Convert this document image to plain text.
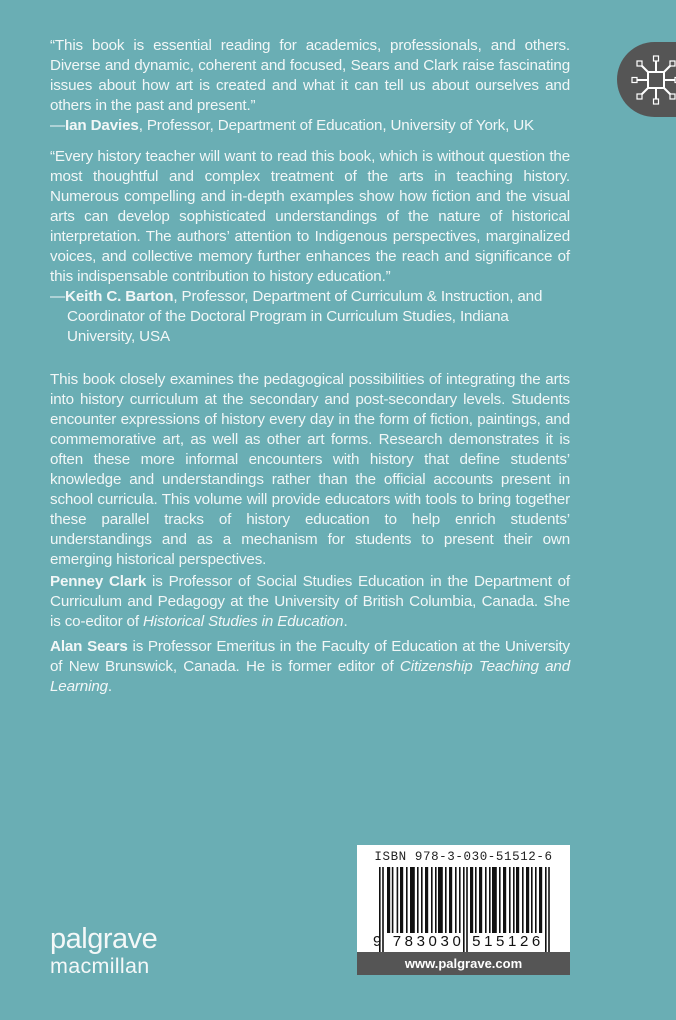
“This book is essential reading for academics, professionals, and others. Diverse and dynamic, coherent and focused, Sears and Clark raise fascinating issues about how art is created and what it can tell us about ourselves and others in the past and present.”

—Ian Davies, Professor, Department of Education, University of York, UK

“Every history teacher will want to read this book, which is without question the most thoughtful and complex treatment of the arts in teaching history. Numerous compelling and in-depth examples show how fiction and the visual arts can develop sophisticated understandings of the nature of historical interpretation. The authors’ attention to Indigenous perspectives, marginalized voices, and collective memory further enhances the reach and significance of this indispensable contribution to history education.”

—Keith C. Barton, Professor, Department of Curriculum & Instruction, and Coordinator of the Doctoral Program in Curriculum Studies, Indiana University, USA

This book closely examines the pedagogical possibilities of integrating the arts into history curriculum at the secondary and post-secondary levels. Students encounter expressions of history every day in the form of fiction, paintings, and commemorative art, as well as other art forms. Research demonstrates it is often these more informal encounters with history that define students’ knowledge and understandings rather than the official accounts present in school curricula. This volume will provide educators with tools to bring together these parallel tracks of history education to help enrich students’ understandings and as a mechanism for students to present their own emerging historical perspectives.

Penney Clark is Professor of Social Studies Education in the Department of Curriculum and Pedagogy at the University of British Columbia, Canada. She is co-editor of Historical Studies in Education.

Alan Sears is Professor Emeritus in the Faculty of Education at the University of New Brunswick, Canada. He is former editor of Citizenship Teaching and Learning.

palgrave
macmillan
ISBN 978-3-030-51512-6
9 783030 515126
www.palgrave.com
